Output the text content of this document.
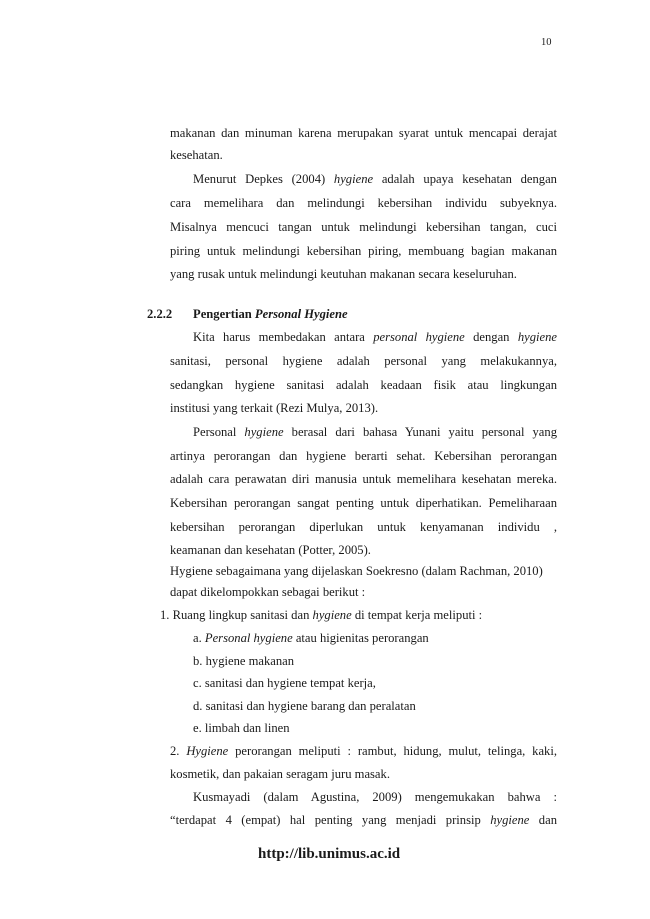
10
makanan dan minuman karena merupakan syarat untuk mencapai derajat
kesehatan.
Menurut Depkes (2004) hygiene adalah upaya kesehatan dengan
cara memelihara dan melindungi kebersihan individu subyeknya.
Misalnya mencuci tangan untuk melindungi kebersihan tangan, cuci
piring untuk melindungi kebersihan piring, membuang bagian makanan
yang rusak untuk melindungi keutuhan makanan secara keseluruhan.
2.2.2 Pengertian Personal Hygiene
Kita harus membedakan antara personal hygiene dengan hygiene
sanitasi, personal hygiene adalah personal yang melakukannya,
sedangkan hygiene sanitasi adalah keadaan fisik atau lingkungan
institusi yang terkait (Rezi Mulya, 2013).
Personal hygiene berasal dari bahasa Yunani yaitu personal yang
artinya perorangan dan hygiene berarti sehat. Kebersihan perorangan
adalah cara perawatan diri manusia untuk memelihara kesehatan mereka.
Kebersihan perorangan sangat penting untuk diperhatikan. Pemeliharaan
kebersihan perorangan diperlukan untuk kenyamanan individu ,
keamanan dan kesehatan (Potter, 2005).
Hygiene sebagaimana yang dijelaskan Soekresno (dalam Rachman, 2010)
dapat dikelompokkan sebagai berikut :
1. Ruang lingkup sanitasi dan hygiene di tempat kerja meliputi :
a. Personal hygiene atau higienitas perorangan
b. hygiene makanan
c. sanitasi dan hygiene tempat kerja,
d. sanitasi dan hygiene barang dan peralatan
e. limbah dan linen
2. Hygiene perorangan meliputi : rambut, hidung, mulut, telinga, kaki,
kosmetik, dan pakaian seragam juru masak.
Kusmayadi (dalam Agustina, 2009) mengemukakan bahwa :
“terdapat 4 (empat) hal penting yang menjadi prinsip hygiene dan
http://lib.unimus.ac.id
